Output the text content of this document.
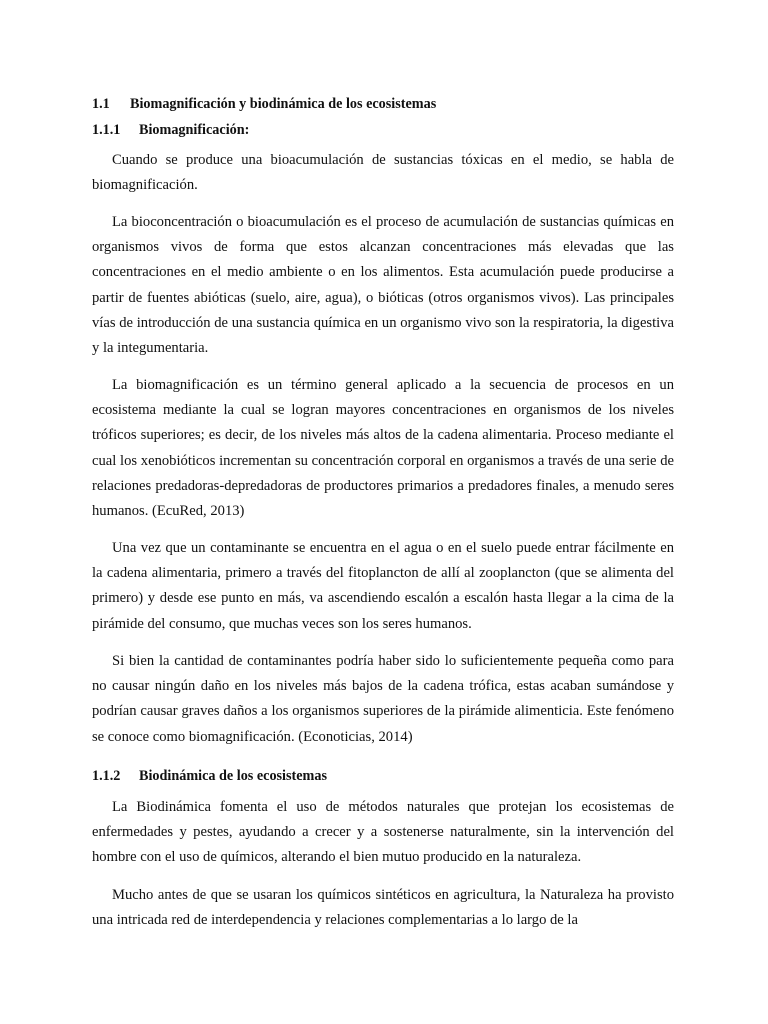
1.1 Biomagnificación y biodinámica de los ecosistemas
1.1.1 Biomagnificación:

Cuando se produce una bioacumulación de sustancias tóxicas en el medio, se habla de biomagnificación.

La bioconcentración o bioacumulación es el proceso de acumulación de sustancias químicas en organismos vivos de forma que estos alcanzan concentraciones más elevadas que las concentraciones en el medio ambiente o en los alimentos. Esta acumulación puede producirse a partir de fuentes abióticas (suelo, aire, agua), o bióticas (otros organismos vivos). Las principales vías de introducción de una sustancia química en un organismo vivo son la respiratoria, la digestiva y la integumentaria.

La biomagnificación es un término general aplicado a la secuencia de procesos en un ecosistema mediante la cual se logran mayores concentraciones en organismos de los niveles tróficos superiores; es decir, de los niveles más altos de la cadena alimentaria. Proceso mediante el cual los xenobióticos incrementan su concentración corporal en organismos a través de una serie de relaciones predadoras-depredadoras de productores primarios a predadores finales, a menudo seres humanos. (EcuRed, 2013)

Una vez que un contaminante se encuentra en el agua o en el suelo puede entrar fácilmente en la cadena alimentaria, primero a través del fitoplancton de allí al zooplancton (que se alimenta del primero) y desde ese punto en más, va ascendiendo escalón a escalón hasta llegar a la cima de la pirámide del consumo, que muchas veces son los seres humanos.

Si bien la cantidad de contaminantes podría haber sido lo suficientemente pequeña como para no causar ningún daño en los niveles más bajos de la cadena trófica, estas acaban sumándose y podrían causar graves daños a los organismos superiores de la pirámide alimenticia. Este fenómeno se conoce como biomagnificación. (Econoticias, 2014)

1.1.2 Biodinámica de los ecosistemas

La Biodinámica fomenta el uso de métodos naturales que protejan los ecosistemas de enfermedades y pestes, ayudando a crecer y a sostenerse naturalmente, sin la intervención del hombre con el uso de químicos, alterando el bien mutuo producido en la naturaleza.

Mucho antes de que se usaran los químicos sintéticos en agricultura, la Naturaleza ha provisto una intricada red de interdependencia y relaciones complementarias a lo largo de la
